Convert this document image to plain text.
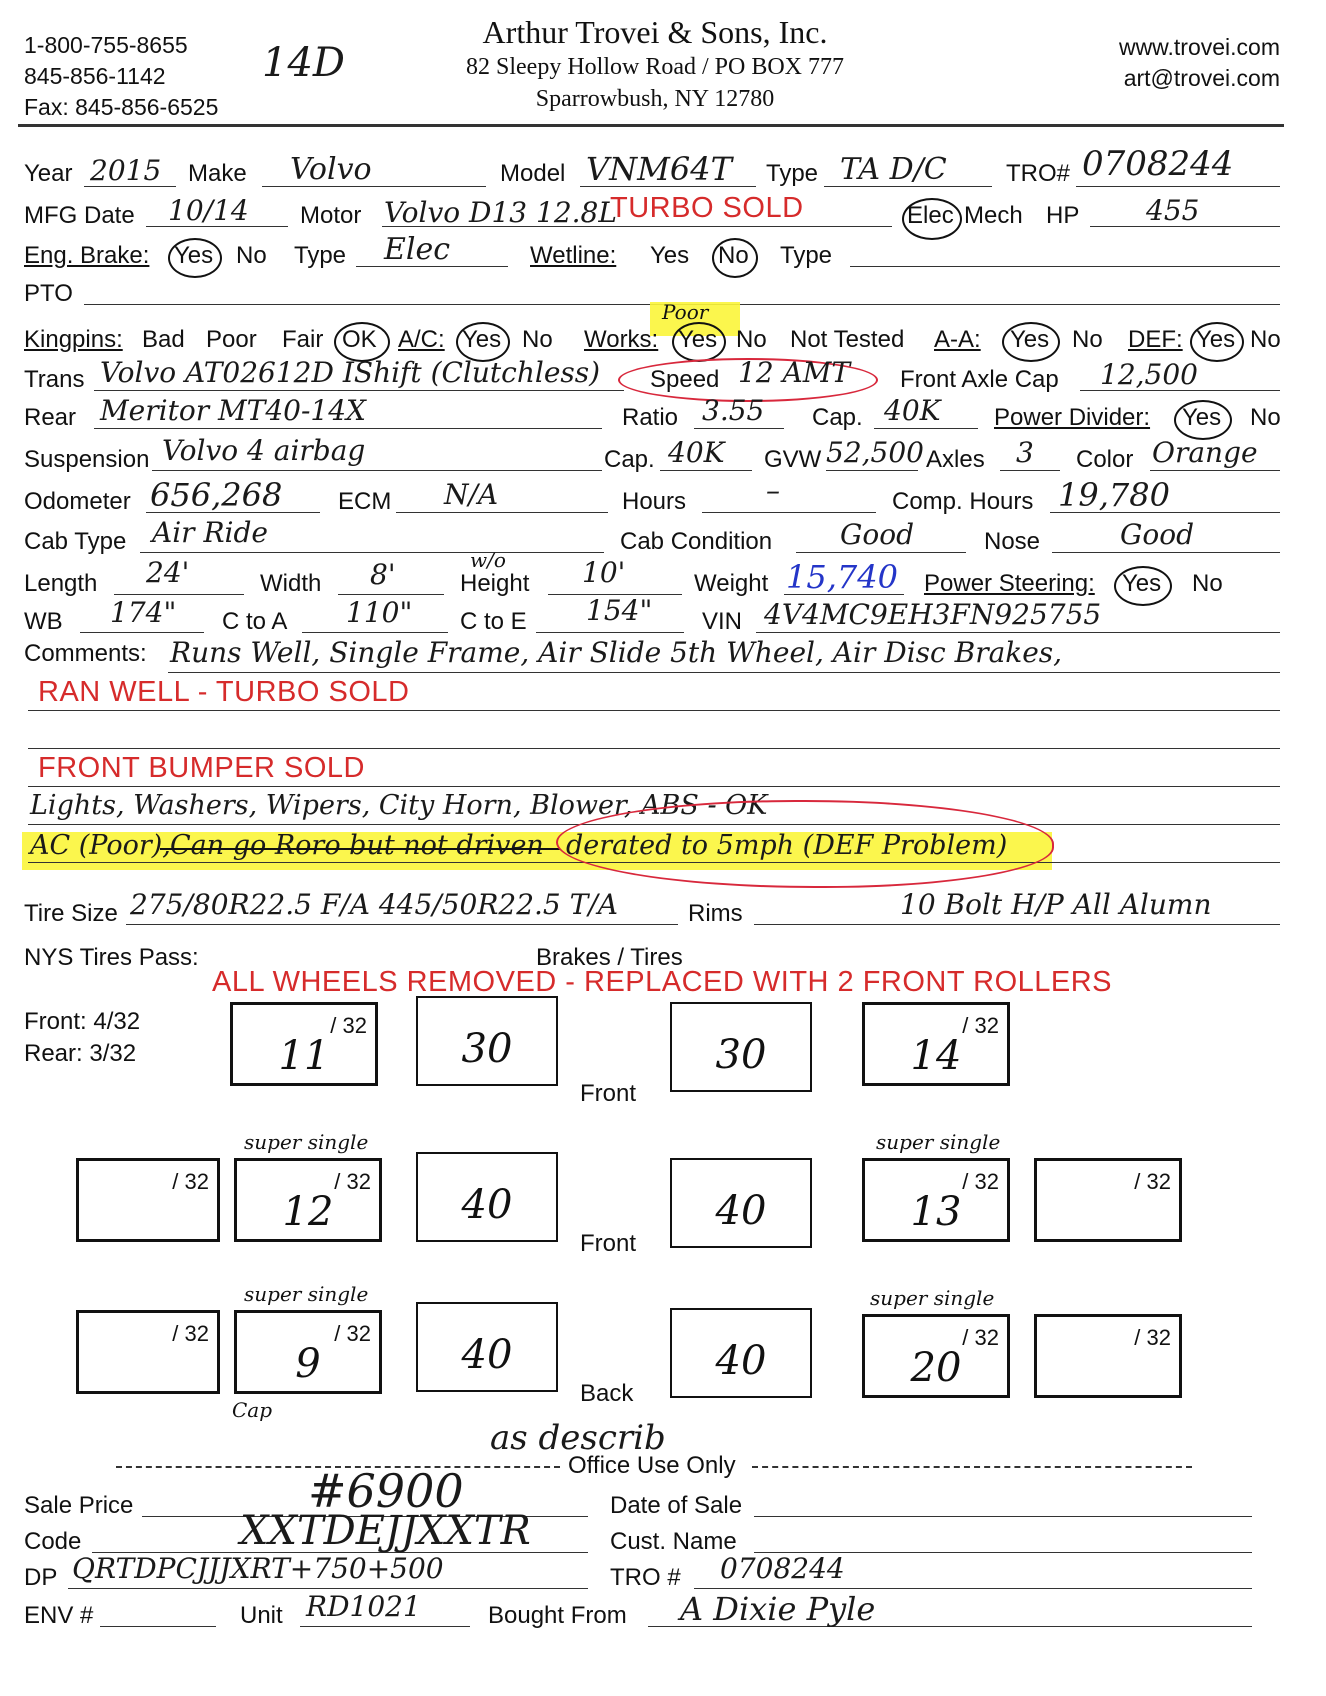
1-800-755-8655
845-856-1142
Fax: 845-856-6525
14D
Arthur Trovei & Sons, Inc.
82 Sleepy Hollow Road / PO BOX 777
Sparrowbush, NY 12780
www.trovei.com
art@trovei.com
Year 2015 Make Volvo	Model VNM64T Type TA D/C TRO# 0708244
MFG Date 10/14 Motor Volvo D13 12.8L
TURBO SOLD	Elec Mech HP 455
Eng. Brake: Yes No Type Elec	Wetline: Yes No Type
PTO
Poor
Kingpins: Bad Poor Fair OK A/C: Yes No Works: Yes No Not Tested A-A: Yes No DEF: Yes No
Trans Volvo AT02612D IShift (Clutchless) Speed 12 AMT Front Axle Cap 12,500
Rear Meritor MT40-14X	Ratio 3.55 Cap. 40K Power Divider: Yes No
Suspension Volvo 4 airbag	Cap. 40K GVW 52,500 Axles 3 Color Orange
Odometer 656,268 ECM N/A	Hours	–	Comp. Hours 19,780
Cab Type Air Ride	Cab Condition Good	Nose	Good
Length 24'	Width 8'	w/o
Height 10'	Weight 15,740 Power Steering: Yes No
WB 174" C to A 110" C to E 154" VIN 4V4MC9EH3FN925755
Comments: Runs Well, Single Frame, Air Slide 5th Wheel, Air Disc Brakes,
RAN WELL - TURBO SOLD
FRONT BUMPER SOLD
Lights, Washers, Wipers, City Horn, Blower, ABS - OK
AC (Poor), Can go Roro but not driven derated to 5mph (DEF Problem)
Tire Size 275/80R22.5 F/A 445/50R22.5 T/A	Rims	10 Bolt H/P All Alumn
NYS Tires Pass:	Brakes / Tires
ALL WHEELS REMOVED - REPLACED WITH 2 FRONT ROLLERS
Front: 4/32
Rear: 3/32
/ 32
11	30
Front
30
/ 32
14
super single	super single
/ 32	/ 32
12	40
Front
40
/ 32
13
/ 32
super single	super single
/ 32	/ 32
9
Cap
40
Back
40
/ 32
20
/ 32
as describ
Office Use Only
Sale Price	#6900	Date of Sale
Code	XXTDEJJXXTR	Cust. Name
DP QRTDPCJJJXRT+750+500	TRO # 0708244
ENV #	Unit RD1021	Bought From A Dixie Pyle
